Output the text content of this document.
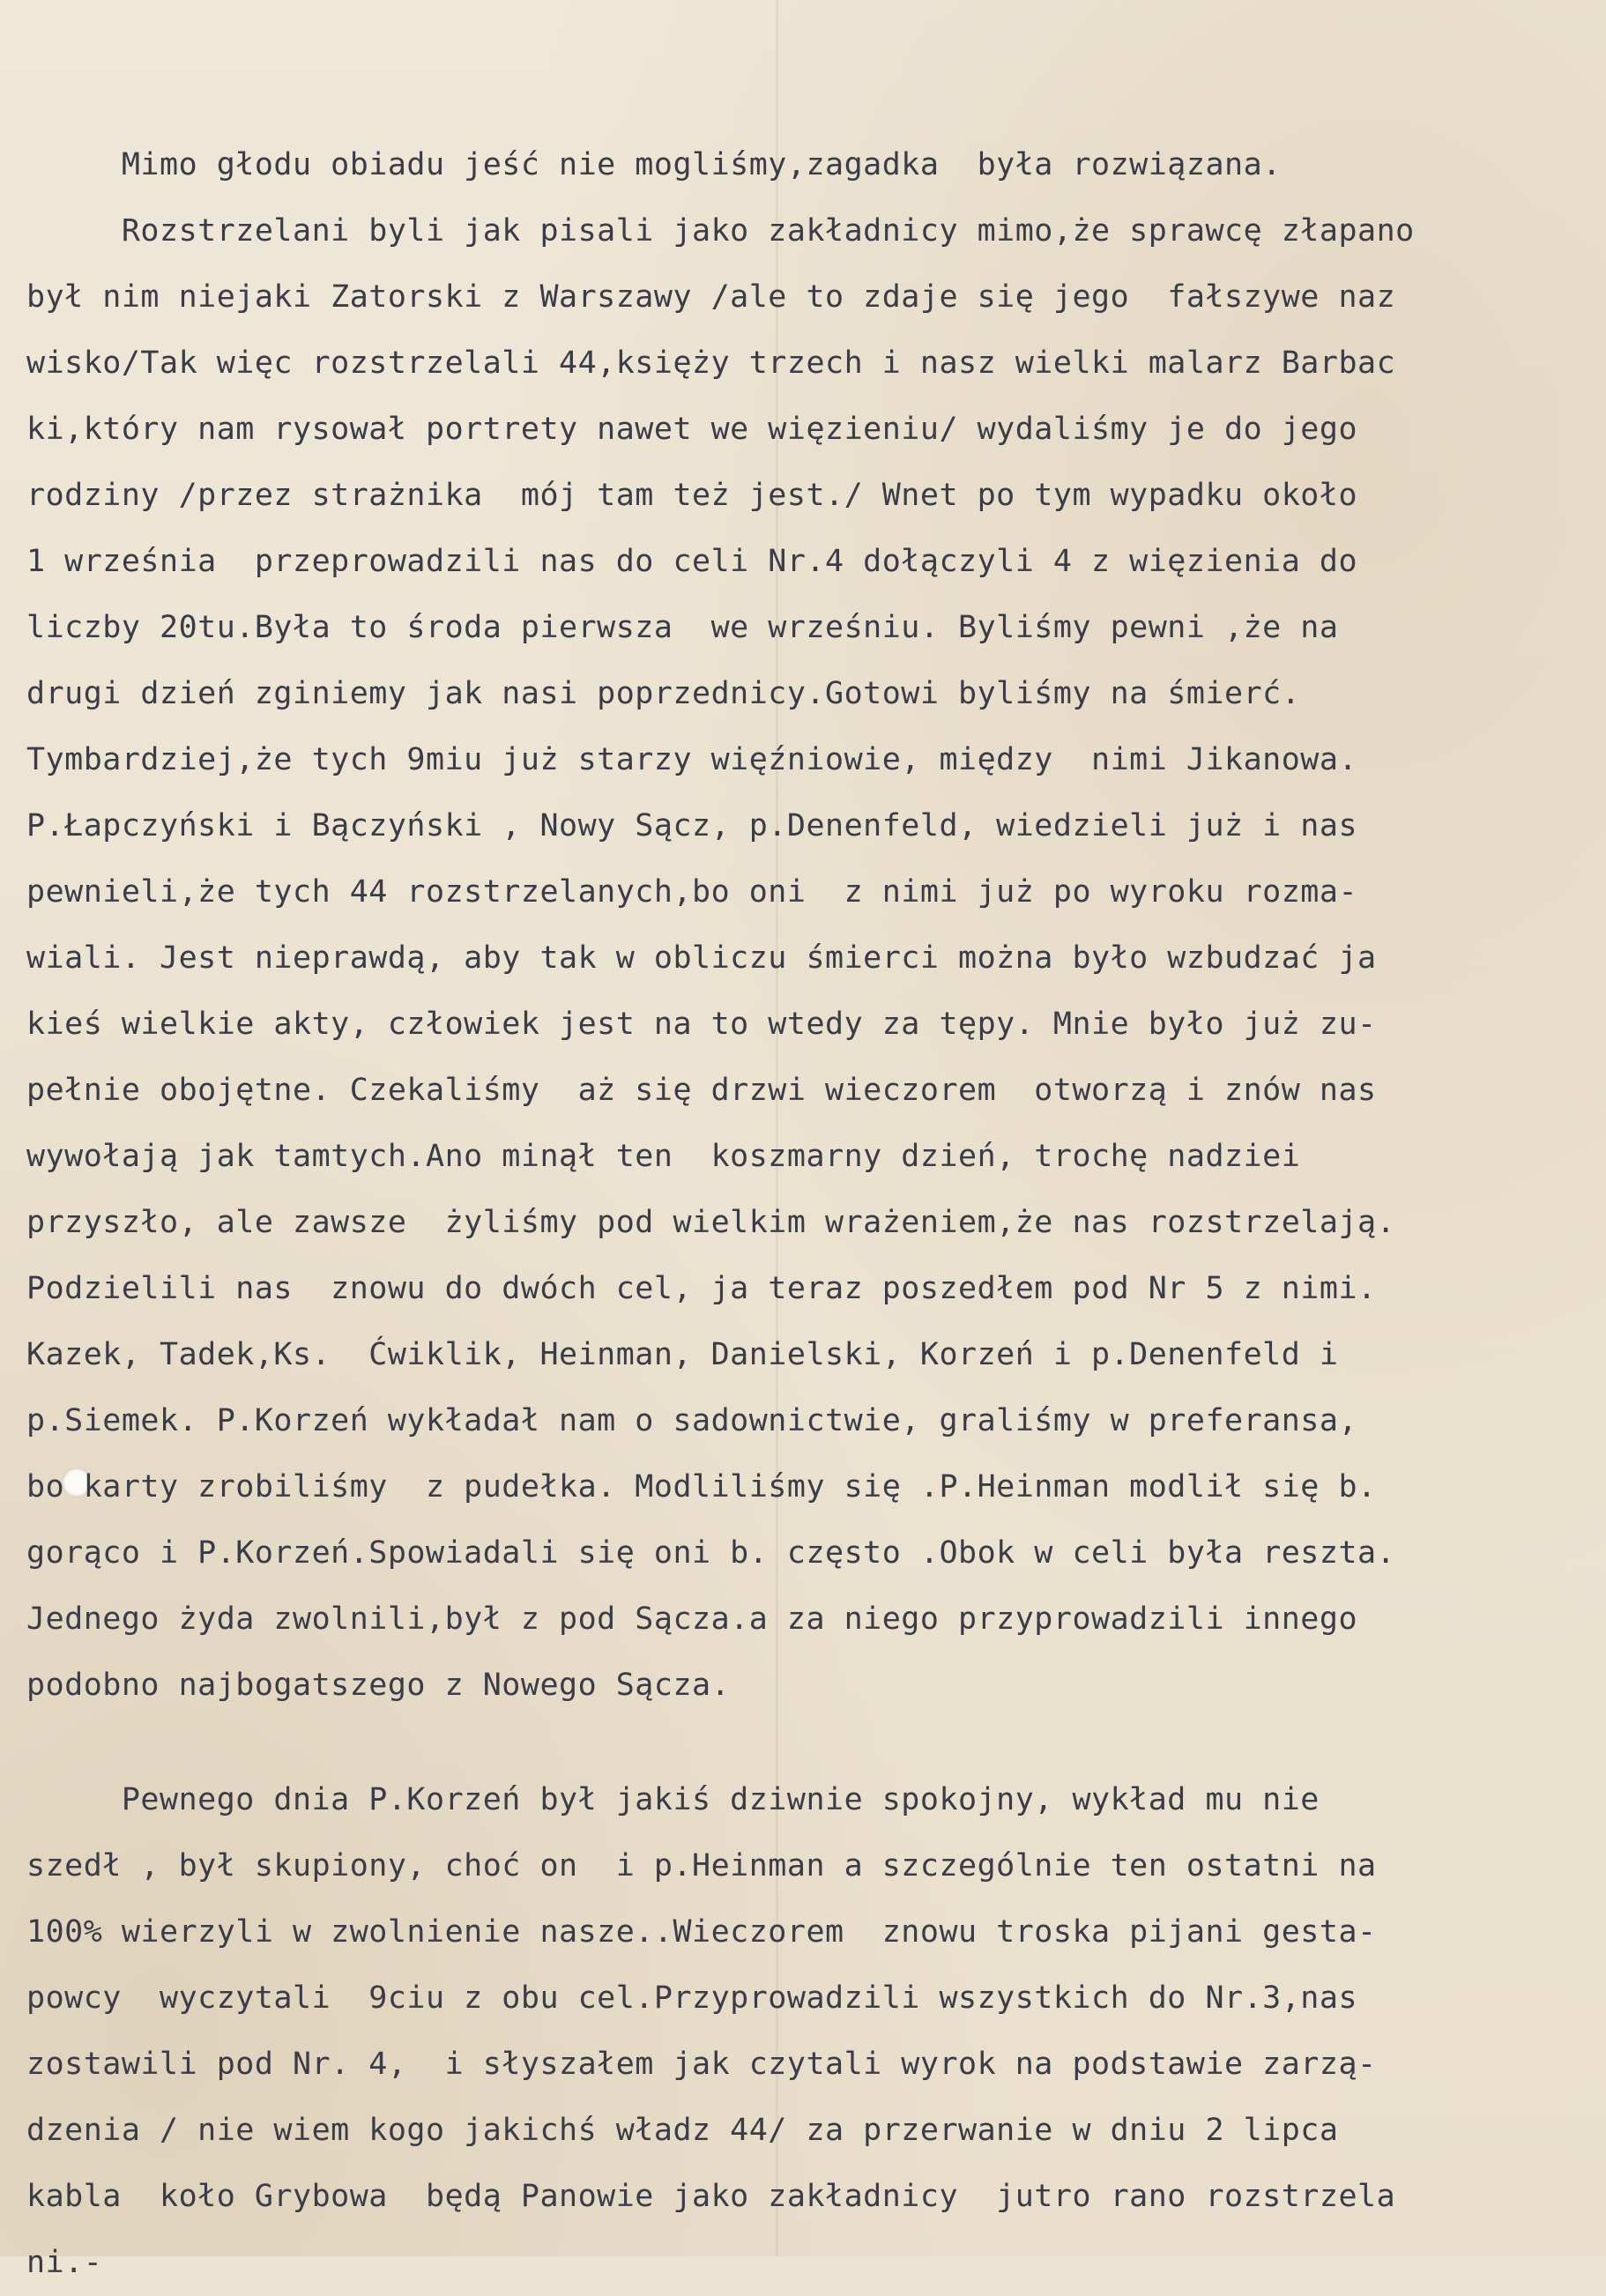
Mimo głodu obiadu jeść nie mogliśmy,zagadka  była rozwiązana.
Rozstrzelani byli jak pisali jako zakładnicy mimo,że sprawcę złapano
był nim niejaki Zatorski z Warszawy /ale to zdaje się jego  fałszywe naz
wisko/Tak więc rozstrzelali 44,księży trzech i nasz wielki malarz Barbac
ki,który nam rysował portrety nawet we więzieniu/ wydaliśmy je do jego
rodziny /przez strażnika  mój tam też jest./ Wnet po tym wypadku około
1 września  przeprowadzili nas do celi Nr.4 dołączyli 4 z więzienia do
liczby 20tu.Była to środa pierwsza  we wrześniu. Byliśmy pewni ,że na
drugi dzień zginiemy jak nasi poprzednicy.Gotowi byliśmy na śmierć.
Tymbardziej,że tych 9miu już starzy więźniowie, między  nimi Jikanowa.
P.Łapczyński i Bączyński , Nowy Sącz, p.Denenfeld, wiedzieli już i nas
pewnieli,że tych 44 rozstrzelanych,bo oni  z nimi już po wyroku rozma-
wiali. Jest nieprawdą, aby tak w obliczu śmierci można było wzbudzać ja
kieś wielkie akty, człowiek jest na to wtedy za tępy. Mnie było już zu-
pełnie obojętne. Czekaliśmy  aż się drzwi wieczorem  otworzą i znów nas
wywołają jak tamtych.Ano minął ten  koszmarny dzień, trochę nadziei
przyszło, ale zawsze  żyliśmy pod wielkim wrażeniem,że nas rozstrzelają.
Podzielili nas  znowu do dwóch cel, ja teraz poszedłem pod Nr 5 z nimi.
Kazek, Tadek,Ks.  Ćwiklik, Heinman, Danielski, Korzeń i p.Denenfeld i
p.Siemek. P.Korzeń wykładał nam o sadownictwie, graliśmy w preferansa,
bo karty zrobiliśmy  z pudełka. Modliliśmy się .P.Heinman modlił się b.
gorąco i P.Korzeń.Spowiadali się oni b. często .Obok w celi była reszta.
Jednego żyda zwolnili,był z pod Sącza.a za niego przyprowadzili innego
podobno najbogatszego z Nowego Sącza.
Pewnego dnia P.Korzeń był jakiś dziwnie spokojny, wykład mu nie
szedł , był skupiony, choć on  i p.Heinman a szczególnie ten ostatni na
100% wierzyli w zwolnienie nasze..Wieczorem  znowu troska pijani gesta-
powcy  wyczytali  9ciu z obu cel.Przyprowadzili wszystkich do Nr.3,nas
zostawili pod Nr. 4,  i słyszałem jak czytali wyrok na podstawie zarzą-
dzenia / nie wiem kogo jakichś władz 44/ za przerwanie w dniu 2 lipca
kabla  koło Grybowa  będą Panowie jako zakładnicy  jutro rano rozstrzela
ni.-
